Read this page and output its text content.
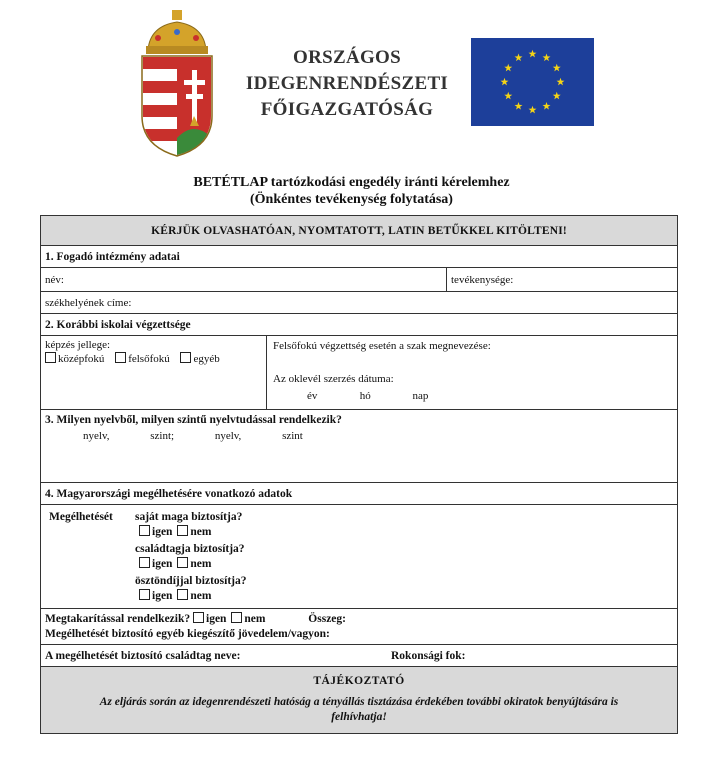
ORSZÁGOS
IDEGENRENDÉSZETI
FŐIGAZGATÓSÁG
BETÉTLAP tartózkodási engedély iránti kérelemhez
(Önkéntes tevékenység folytatása)
KÉRJÜK OLVASHATÓAN, NYOMTATOTT, LATIN BETŰKKEL KITÖLTENI!
1. Fogadó intézmény adatai
név:	tevékenysége:
székhelyének címe:
2. Korábbi iskolai végzettsége
képzés jellege:
középfokú felsőfokú egyéb
Felsőfokú végzettség esetén a szak megnevezése:
Az oklevél szerzés dátuma:
év	hó	nap
3. Milyen nyelvből, milyen szintű nyelvtudással rendelkezik?
nyelv,	szint;	nyelv,	szint
4. Magyarországi megélhetésére vonatkozó adatok
Megélhetését saját maga biztosítja?
igen nem
családtagja biztosítja?
igen nem
ösztöndíjjal biztosítja?
igen nem
Megtakarítással rendelkezik? igen nem	Összeg:
Megélhetését biztosító egyéb kiegészítő jövedelem/vagyon:
A megélhetését biztosító családtag neve:	Rokonsági fok:
TÁJÉKOZTATÓ
Az eljárás során az idegenrendészeti hatóság a tényállás tisztázása érdekében további okiratok benyújtására is felhívhatja!
